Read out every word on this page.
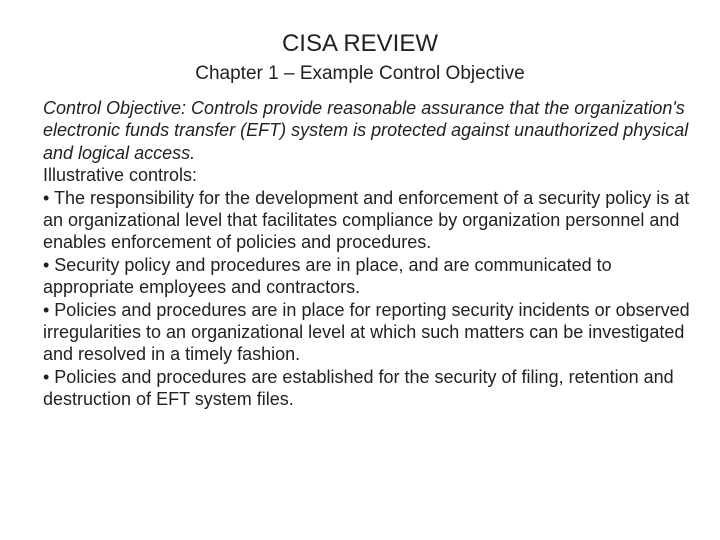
CISA REVIEW
Chapter 1 – Example Control Objective

Control Objective: Controls provide reasonable assurance that the organization's electronic funds transfer (EFT) system is protected against unauthorized physical and logical access.

Illustrative controls:

• The responsibility for the development and enforcement of a security policy is at an organizational level that facilitates compliance by organization personnel and enables enforcement of policies and procedures.

• Security policy and procedures are in place, and are communicated to appropriate employees and contractors.

• Policies and procedures are in place for reporting security incidents or observed irregularities to an organizational level at which such matters can be investigated and resolved in a timely fashion.

• Policies and procedures are established for the security of filing, retention and destruction of EFT system files.
